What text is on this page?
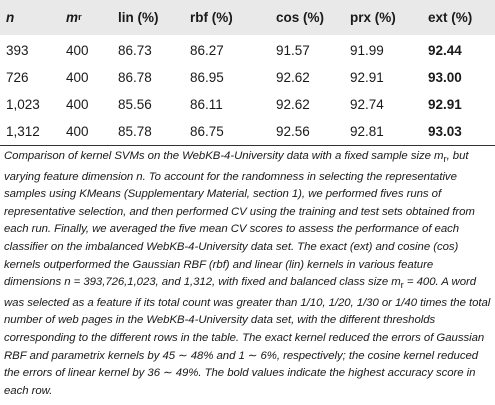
n	m r	lin (%)	rbf (%)	cos (%)	prx (%)	ext (%)
393	400	86.73	86.27	91.57	91.99	92.44
726	400	86.78	86.95	92.62	92.91	93.00
1,023	400	85.56	86.11	92.62	92.74	92.91
1,312	400	85.78	86.75	92.56	92.81	93.03
Comparison of kernel SVMs on the WebKB-4-University data with a fixed sample size $m_r$, but varying feature dimension n. To account for the randomness in selecting the representative samples using KMeans (Supplementary Material, section 1), we performed fives runs of representative selection, and then performed CV using the training and test sets obtained from each run. Finally, we averaged the five mean CV scores to assess the performance of each classifier on the imbalanced WebKB-4-University data set. The exact (ext) and cosine (cos) kernels outperformed the Gaussian RBF (rbf) and linear (lin) kernels in various feature dimensions n = 393,726,1,023, and 1,312, with fixed and balanced class size $m_r = 400$. A word was selected as a feature if its total count was greater than 1/10, 1/20, 1/30 or 1/40 times the total number of web pages in the WebKB-4-University data set, with the different thresholds corresponding to the different rows in the table. The exact kernel reduced the errors of Gaussian RBF and parametrix kernels by 45 ∼ 48% and 1 ∼ 6%, respectively; the cosine kernel reduced the errors of linear kernel by 36 ∼ 49%. The bold values indicate the highest accuracy score in each row.
